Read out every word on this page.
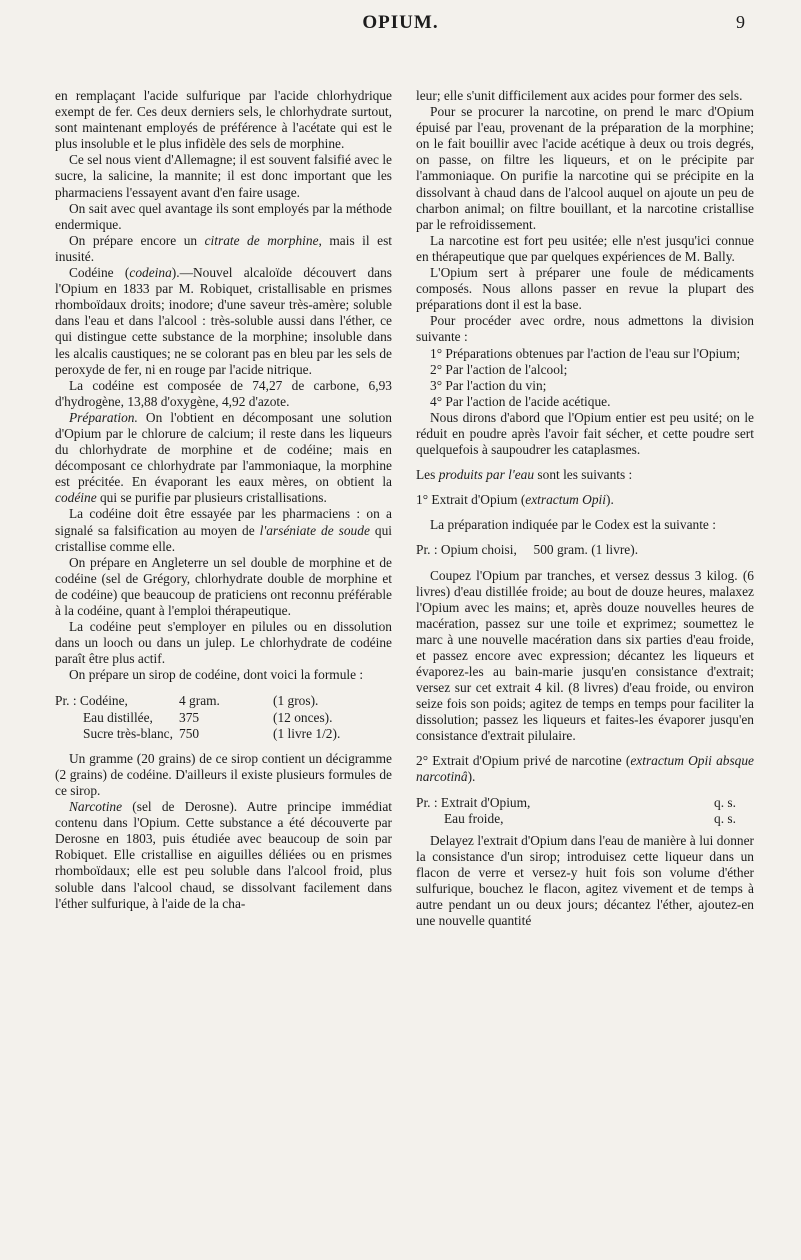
OPIUM.	9

en remplaçant l'acide sulfurique par l'acide chlorhydrique exempt de fer. Ces deux derniers sels, le chlorhydrate surtout, sont maintenant employés de préférence à l'acétate qui est le plus insoluble et le plus infidèle des sels de morphine.

Ce sel nous vient d'Allemagne; il est souvent falsifié avec le sucre, la salicine, la mannite; il est donc important que les pharmaciens l'essayent avant d'en faire usage.

On sait avec quel avantage ils sont employés par la méthode endermique.

On prépare encore un citrate de morphine, mais il est inusité.

Codéine (codeina).—Nouvel alcaloïde découvert dans l'Opium en 1833 par M. Robiquet, cristallisable en prismes rhomboïdaux droits; inodore; d'une saveur très-amère; soluble dans l'eau et dans l'alcool : très-soluble aussi dans l'éther, ce qui distingue cette substance de la morphine; insoluble dans les alcalis caustiques; ne se colorant pas en bleu par les sels de peroxyde de fer, ni en rouge par l'acide nitrique.

La codéine est composée de 74,27 de carbone, 6,93 d'hydrogène, 13,88 d'oxygène, 4,92 d'azote.

Préparation. On l'obtient en décomposant une solution d'Opium par le chlorure de calcium; il reste dans les liqueurs du chlorhydrate de morphine et de codéine; mais en décomposant ce chlorhydrate par l'ammoniaque, la morphine est précitée. En évaporant les eaux mères, on obtient la codéine qui se purifie par plusieurs cristallisations.

La codéine doit être essayée par les pharmaciens : on a signalé sa falsification au moyen de l'arséniate de soude qui cristallise comme elle.

On prépare en Angleterre un sel double de morphine et de codéine (sel de Grégory, chlorhydrate double de morphine et de codéine) que beaucoup de praticiens ont reconnu préférable à la codéine, quant à l'emploi thérapeutique.

La codéine peut s'employer en pilules ou en dissolution dans un looch ou dans un julep. Le chlorhydrate de codéine paraît être plus actif.

On prépare un sirop de codéine, dont voici la formule :

Pr. : Codéine,	4 gram.	(1 gros).
Eau distillée,	375	(12 onces).
Sucre très-blanc, 750	(1 livre 1/2).

Un gramme (20 grains) de ce sirop contient un décigramme (2 grains) de codéine. D'ailleurs il existe plusieurs formules de ce sirop.

Narcotine (sel de Derosne). Autre principe immédiat contenu dans l'Opium. Cette substance a été découverte par Derosne en 1803, puis étudiée avec beaucoup de soin par Robiquet. Elle cristallise en aiguilles déliées ou en prismes rhomboïdaux; elle est peu soluble dans l'alcool froid, plus soluble dans l'alcool chaud, se dissolvant facilement dans l'éther sulfurique, à l'aide de la cha-

leur; elle s'unit difficilement aux acides pour former des sels.

Pour se procurer la narcotine, on prend le marc d'Opium épuisé par l'eau, provenant de la préparation de la morphine; on le fait bouillir avec l'acide acétique à deux ou trois degrés, on passe, on filtre les liqueurs, et on le précipite par l'ammoniaque. On purifie la narcotine qui se précipite en la dissolvant à chaud dans de l'alcool auquel on ajoute un peu de charbon animal; on filtre bouillant, et la narcotine cristallise par le refroidissement.

La narcotine est fort peu usitée; elle n'est jusqu'ici connue en thérapeutique que par quelques expériences de M. Bally.

L'Opium sert à préparer une foule de médicaments composés. Nous allons passer en revue la plupart des préparations dont il est la base.

Pour procéder avec ordre, nous admettons la division suivante :

1° Préparations obtenues par l'action de l'eau sur l'Opium;

2° Par l'action de l'alcool;

3° Par l'action du vin;

4° Par l'action de l'acide acétique.

Nous dirons d'abord que l'Opium entier est peu usité; on le réduit en poudre après l'avoir fait sécher, et cette poudre sert quelquefois à saupoudrer les cataplasmes.

Les produits par l'eau sont les suivants :

1° Extrait d'Opium (extractum Opii).

La préparation indiquée par le Codex est la suivante :

Pr. : Opium choisi,     500 gram. (1 livre).

Coupez l'Opium par tranches, et versez dessus 3 kilog. (6 livres) d'eau distillée froide; au bout de douze heures, malaxez l'Opium avec les mains; et, après douze nouvelles heures de macération, passez sur une toile et exprimez; soumettez le marc à une nouvelle macération dans six parties d'eau froide, et passez encore avec expression; décantez les liqueurs et évaporez-les au bain-marie jusqu'en consistance d'extrait; versez sur cet extrait 4 kil. (8 livres) d'eau froide, ou environ seize fois son poids; agitez de temps en temps pour faciliter la dissolution; passez les liqueurs et faites-les évaporer jusqu'en consistance d'extrait pilulaire.

2° Extrait d'Opium privé de narcotine (extractum Opii absque narcotinâ).

Pr. : Extrait d'Opium,	q. s.
Eau froide,	q. s.

Delayez l'extrait d'Opium dans l'eau de manière à lui donner la consistance d'un sirop; introduisez cette liqueur dans un flacon de verre et versez-y huit fois son volume d'éther sulfurique, bouchez le flacon, agitez vivement et de temps à autre pendant un ou deux jours; décantez l'éther, ajoutez-en une nouvelle quantité
